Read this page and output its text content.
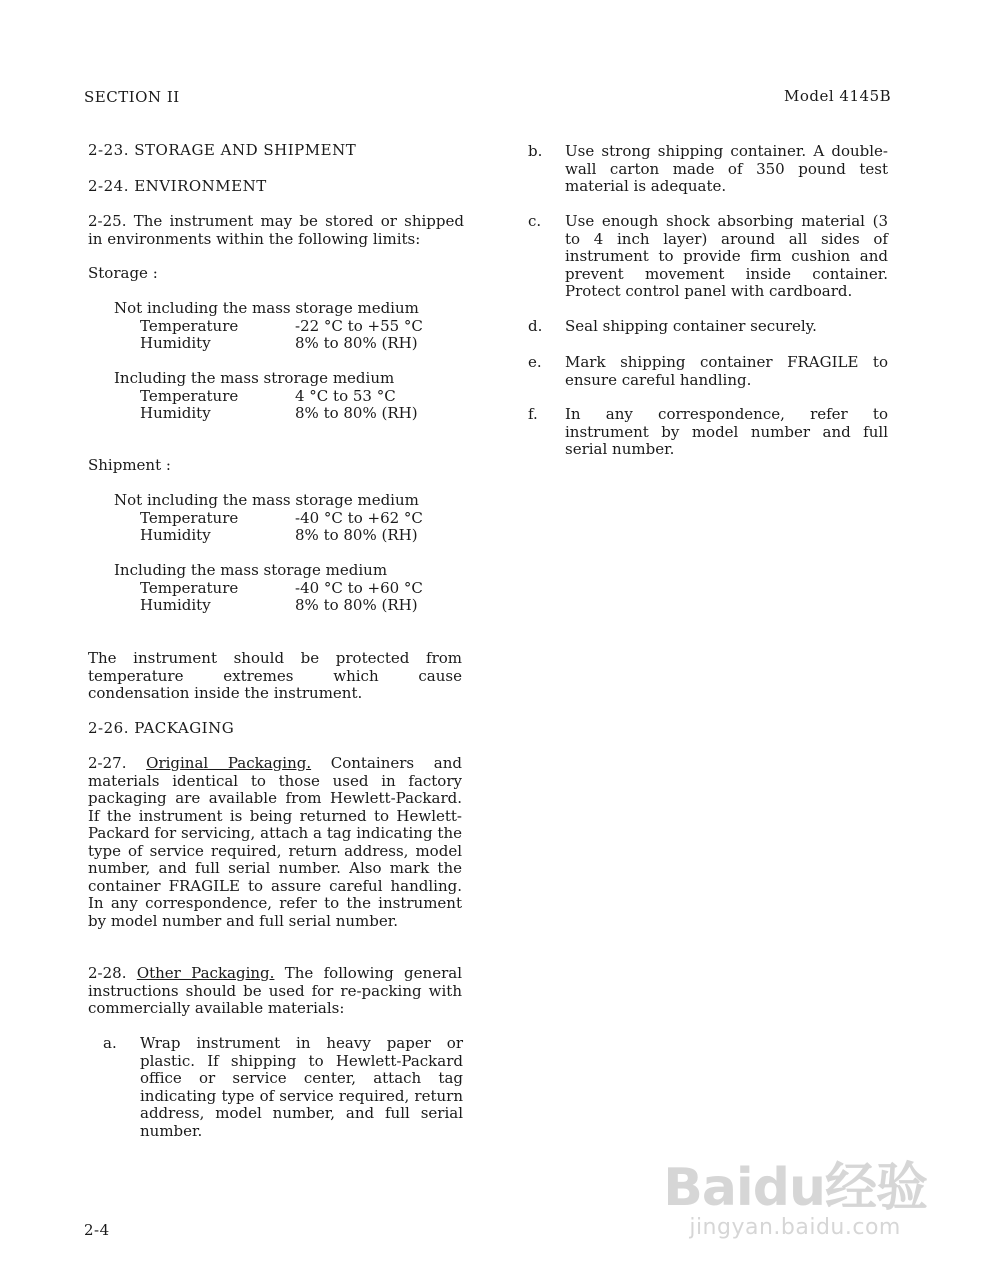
SECTION II	Model 4145B
2-23. STORAGE AND SHIPMENT
2-24. ENVIRONMENT
2-25. The instrument may be stored or shipped in environments within the following limits:
Storage :
Not including the mass storage medium
Temperature	-22 °C to +55 °C
Humidity	8% to 80% (RH)
Including the mass strorage medium
Temperature	4 °C to 53 °C
Humidity	8% to 80% (RH)
Shipment :
Not including the mass storage medium
Temperature	-40 °C to +62 °C
Humidity	8% to 80% (RH)
Including the mass storage medium
Temperature	-40 °C to +60 °C
Humidity	8% to 80% (RH)
The instrument should be protected from temperature extremes which cause condensation inside the instrument.
2-26. PACKAGING
2-27. Original Packaging. Containers and materials identical to those used in factory packaging are available from Hewlett-Packard. If the instrument is being returned to Hewlett-Packard for servicing, attach a tag indicating the type of service required, return address, model number, and full serial number. Also mark the container FRAGILE to assure careful handling. In any correspondence, refer to the instrument by model number and full serial number.
2-28. Other Packaging. The following general instructions should be used for re-packing with commercially available materials:
a.	Wrap instrument in heavy paper or plastic. If shipping to Hewlett-Packard office or service center, attach tag indicating type of service required, return address, model number, and full serial number.
b.	Use strong shipping container. A double-wall carton made of 350 pound test material is adequate.
c.	Use enough shock absorbing material (3 to 4 inch layer) around all sides of instrument to provide firm cushion and prevent movement inside container. Protect control panel with cardboard.
d.	Seal shipping container securely.
e.	Mark shipping container FRAGILE to ensure careful handling.
f.	In any correspondence, refer to instrument by model number and full serial number.
2-4
Baidu经验
jingyan.baidu.com
